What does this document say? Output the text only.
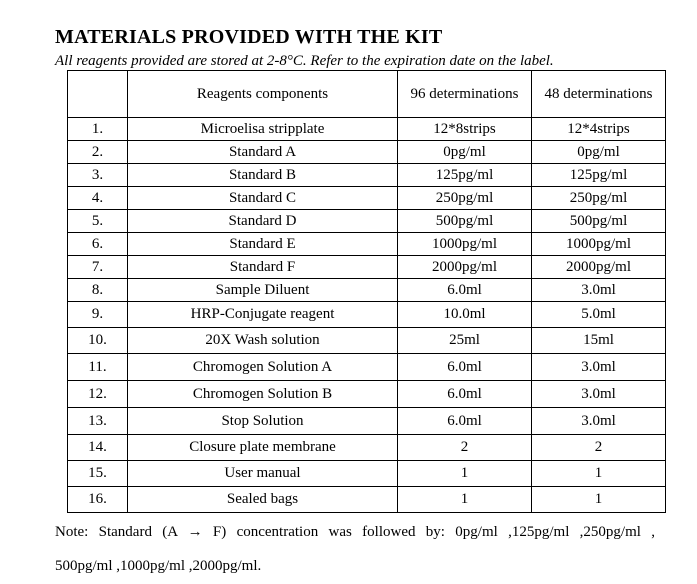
MATERIALS PROVIDED WITH THE KIT
All reagents provided are stored at 2-8°C. Refer to the expiration date on the label.
	Reagents components	96 determinations	48 determinations
1.	Microelisa stripplate	12*8strips	12*4strips
2.	Standard A	0pg/ml	0pg/ml
3.	Standard B	125pg/ml	125pg/ml
4.	Standard C	250pg/ml	250pg/ml
5.	Standard D	500pg/ml	500pg/ml
6.	Standard E	1000pg/ml	1000pg/ml
7.	Standard F	2000pg/ml	2000pg/ml
8.	Sample Diluent	6.0ml	3.0ml
9.	HRP-Conjugate reagent	10.0ml	5.0ml
10.	20X Wash solution	25ml	15ml
11.	Chromogen Solution A	6.0ml	3.0ml
12.	Chromogen Solution B	6.0ml	3.0ml
13.	Stop Solution	6.0ml	3.0ml
14.	Closure plate membrane	2	2
15.	User manual	1	1
16.	Sealed bags	1	1
Note: Standard (A → F) concentration was followed by: 0pg/ml ,125pg/ml ,250pg/ml ,
500pg/ml ,1000pg/ml ,2000pg/ml.
